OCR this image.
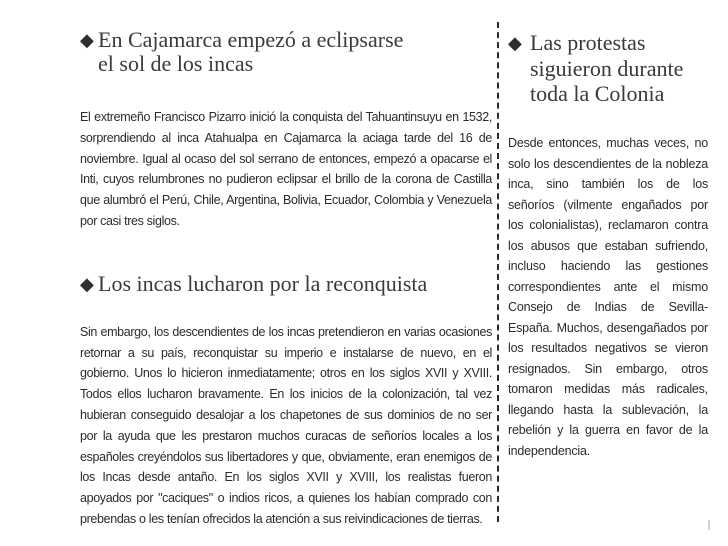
◆ En Cajamarca empezó a eclipsarse
el sol de los incas

El extremeño Francisco Pizarro inició la conquista del Tahuantinsuyu en 1532, sorprendiendo al inca Atahualpa en Cajamarca la aciaga tarde del 16 de noviembre. Igual al ocaso del sol serrano de entonces, empezó a opacarse el Inti, cuyos relumbrones no pudieron eclipsar el brillo de la corona de Castilla que alumbró el Perú, Chile, Argentina, Bolivia, Ecuador, Colombia y Venezuela por casi tres siglos.

◆ Los incas lucharon por la reconquista

Sin embargo, los descendientes de los incas pretendieron en varias ocasiones retornar a su país, reconquistar su imperio e instalarse de nuevo, en el gobierno. Unos lo hicieron inmediatamente; otros en los siglos XVII y XVIII. Todos ellos lucharon bravamente. En los inicios de la colonización, tal vez hubieran conseguido desalojar a los chapetones de sus dominios de no ser por la ayuda que les prestaron muchos curacas de señoríos locales a los españoles creyéndolos sus libertadores y que, obviamente, eran enemigos de los Incas desde antaño. En los siglos XVII y XVIII, los realistas fueron apoyados por "caciques" o indios ricos, a quienes los habían comprado con prebendas o les tenían ofrecidos la atención a sus reivindicaciones de tierras.

◆ Las protestas
siguieron durante
toda la Colonia

Desde entonces, muchas veces, no solo los descendientes de la nobleza inca, sino también los de los señoríos (vilmente engañados por los colonialistas), reclamaron contra los abusos que estaban sufriendo, incluso haciendo las gestiones correspondientes ante el mismo Consejo de Indias de Sevilla-España. Muchos, desengañados por los resultados negativos se vieron resignados. Sin embargo, otros tomaron medidas más radicales, llegando hasta la sublevación, la rebelión y la guerra en favor de la independencia.
